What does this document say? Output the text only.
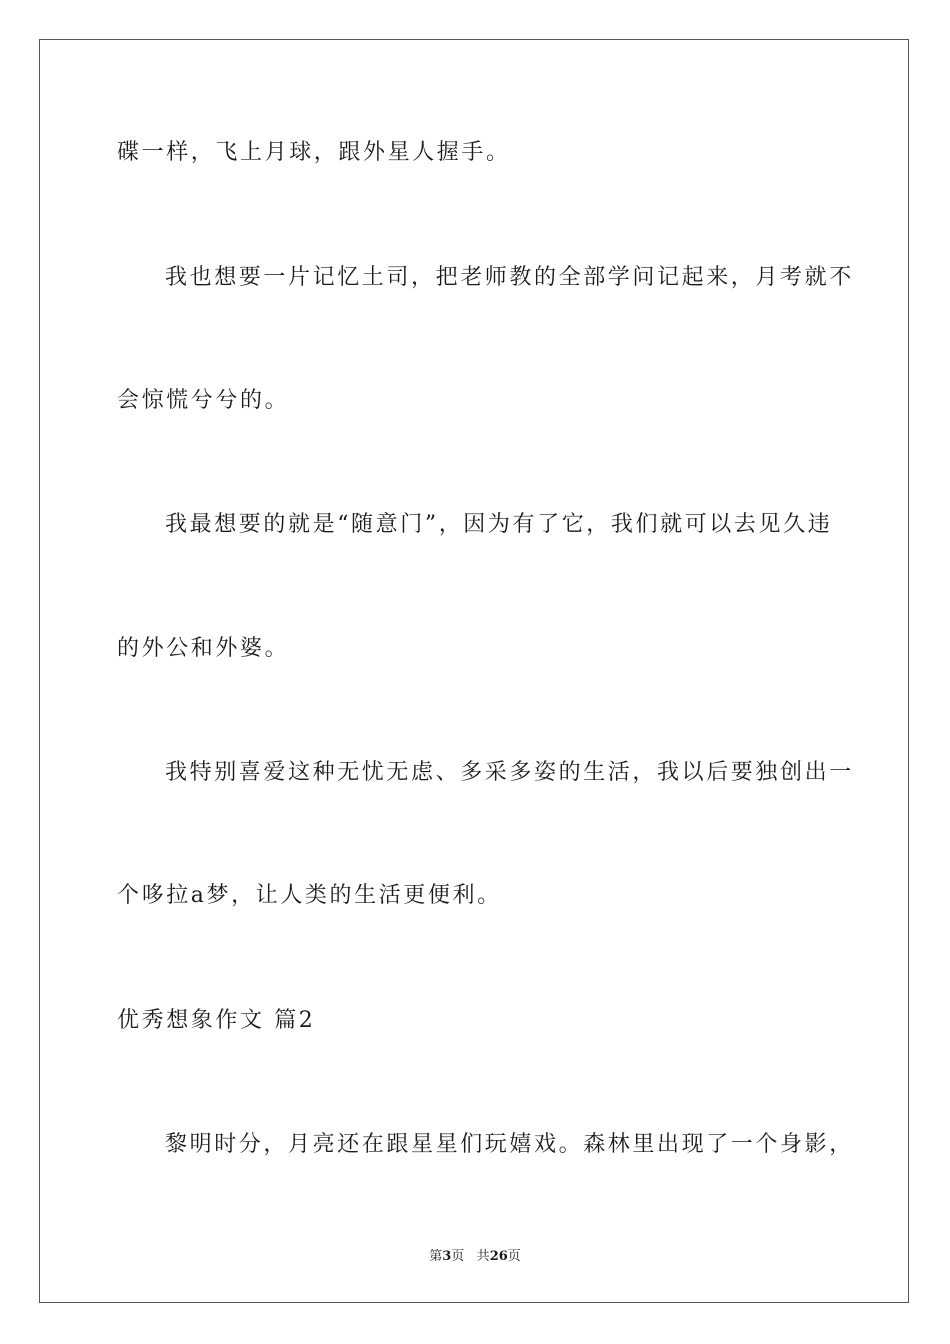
碟一样，飞上月球，跟外星人握手。
我也想要一片记忆土司，把老师教的全部学问记起来，月考就不
会惊慌兮兮的。
我最想要的就是“随意门”，因为有了它，我们就可以去见久违
的外公和外婆。
我特别喜爱这种无忧无虑、多采多姿的生活，我以后要独创出一
个哆拉a梦，让人类的生活更便利。
优秀想象作文 篇2
黎明时分，月亮还在跟星星们玩嬉戏。森林里出现了一个身影，
第3页 共26页
